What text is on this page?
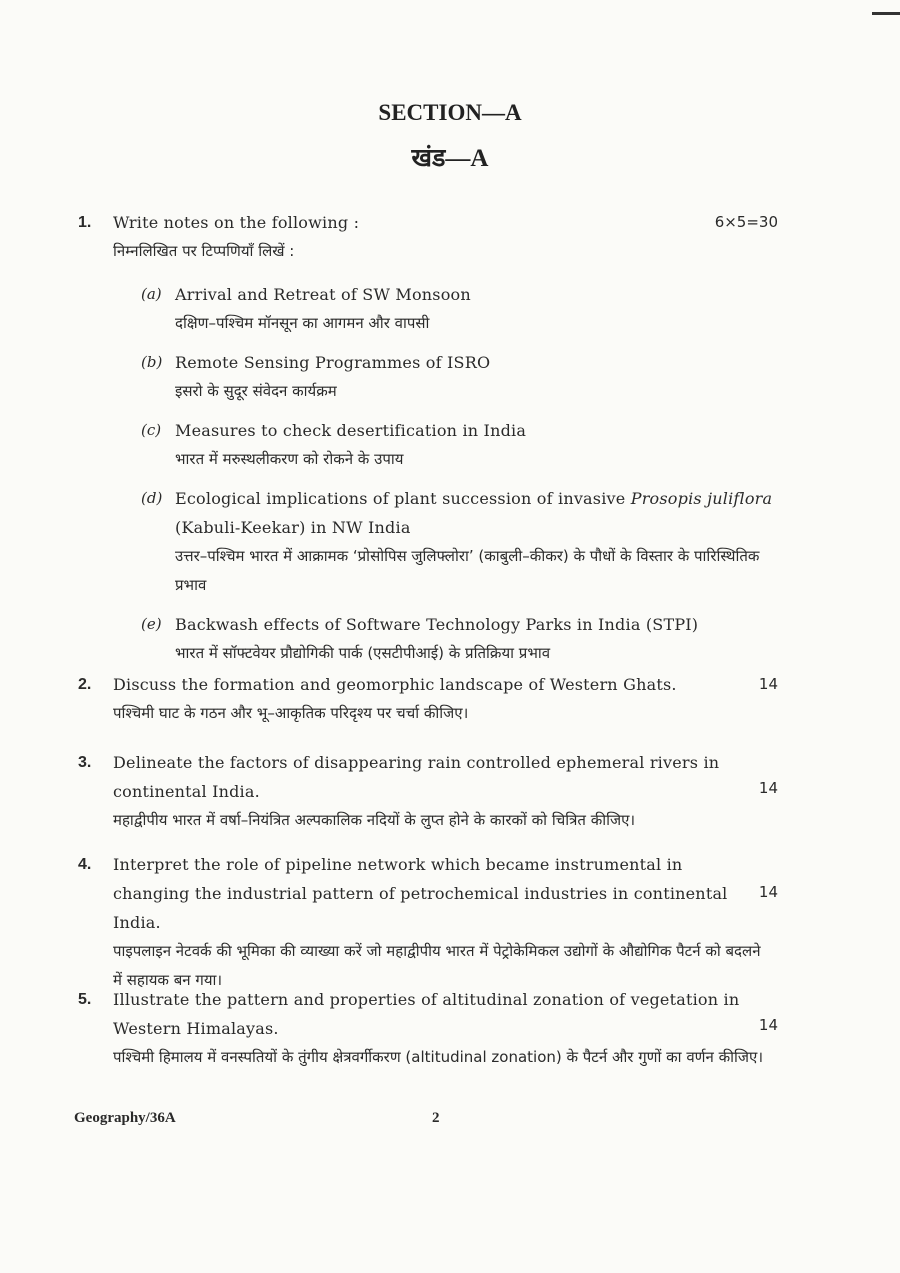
SECTION—A
खंड—A
1.	6×5=30
Write notes on the following :
निम्नलिखित पर टिप्पणियाँ लिखें :
(a) Arrival and Retreat of SW Monsoon
दक्षिण–पश्चिम मॉनसून का आगमन और वापसी
(b) Remote Sensing Programmes of ISRO
इसरो के सुदूर संवेदन कार्यक्रम
(c) Measures to check desertification in India
भारत में मरुस्थलीकरण को रोकने के उपाय
(d) Ecological implications of plant succession of invasive Prosopis juliflora (Kabuli-Keekar) in NW India
उत्तर–पश्चिम भारत में आक्रामक ‘प्रोसोपिस जुलिफ्लोरा’ (काबुली–कीकर) के पौधों के विस्तार के पारिस्थितिक प्रभाव
(e) Backwash effects of Software Technology Parks in India (STPI)
भारत में सॉफ्टवेयर प्रौद्योगिकी पार्क (एसटीपीआई) के प्रतिक्रिया प्रभाव
2.	14
Discuss the formation and geomorphic landscape of Western Ghats.
पश्चिमी घाट के गठन और भू–आकृतिक परिदृश्य पर चर्चा कीजिए।
3.
14
Delineate the factors of disappearing rain controlled ephemeral rivers in continental India.
महाद्वीपीय भारत में वर्षा–नियंत्रित अल्पकालिक नदियों के लुप्त होने के कारकों को चित्रित कीजिए।
4.
14
Interpret the role of pipeline network which became instrumental in changing the industrial pattern of petrochemical industries in continental India.
पाइपलाइन नेटवर्क की भूमिका की व्याख्या करें जो महाद्वीपीय भारत में पेट्रोकेमिकल उद्योगों के औद्योगिक पैटर्न को बदलने में सहायक बन गया।
5.
14
Illustrate the pattern and properties of altitudinal zonation of vegetation in Western Himalayas.
पश्चिमी हिमालय में वनस्पतियों के तुंगीय क्षेत्रवर्गीकरण (altitudinal zonation) के पैटर्न और गुणों का वर्णन कीजिए।
Geography/36A	2
